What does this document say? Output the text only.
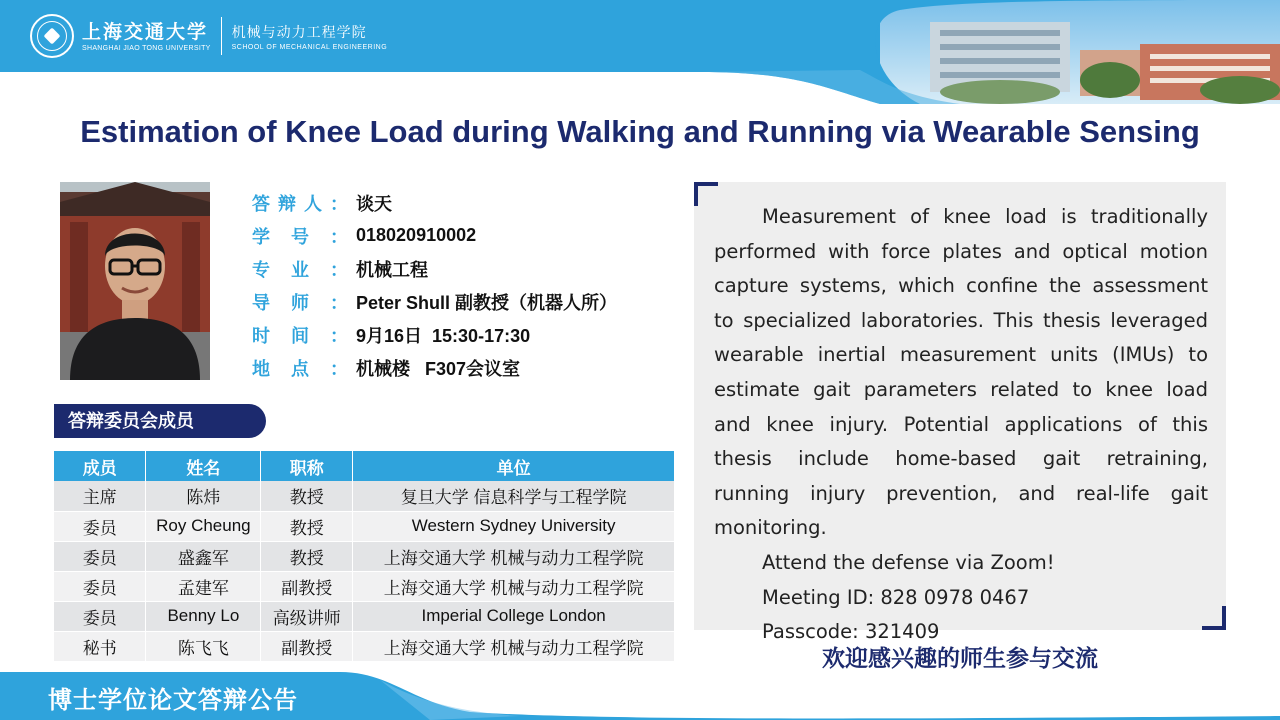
上海交通大学
SHANGHAI JIAO TONG UNIVERSITY
机械与动力工程学院
SCHOOL OF MECHANICAL ENGINEERING
Estimation of Knee Load during Walking and Running via Wearable Sensing
答 辩 人 ： 谈天
学 号 ： 018020910002
专 业 ： 机械工程
导 师 ： Peter Shull 副教授（机器人所）
时 间 ： 9月16日  15:30-17:30
地 点 ： 机械楼   F307会议室
答辩委员会成员
成员	姓名	职称	单位
主席	陈炜	教授	复旦大学 信息科学与工程学院
委员	Roy Cheung	教授	Western Sydney University
委员	盛鑫军	教授	上海交通大学 机械与动力工程学院
委员	孟建军	副教授	上海交通大学 机械与动力工程学院
委员	Benny Lo	高级讲师	Imperial College London
秘书	陈飞飞	副教授	上海交通大学 机械与动力工程学院

Measurement of knee load is traditionally performed with force plates and optical motion capture systems, which confine the assessment to specialized laboratories. This thesis leveraged wearable inertial measurement units (IMUs) to estimate gait parameters related to knee load and knee injury. Potential applications of this thesis include home-based gait retraining, running injury prevention, and real-life gait monitoring.

Attend the defense via Zoom!
Meeting ID: 828 0978 0467
Passcode: 321409
欢迎感兴趣的师生参与交流
博士学位论文答辩公告
